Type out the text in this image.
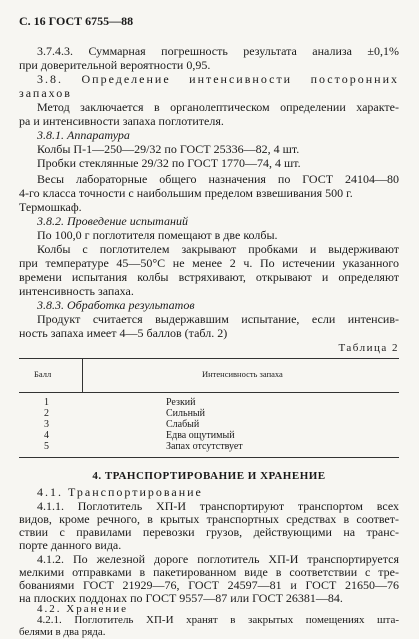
С. 16 ГОСТ 6755—88
3.7.4.3. Суммарная погрешность результата анализа ±0,1%
при доверительной вероятности 0,95.
3.8. Определение интенсивности посторонних
запахов
Метод заключается в органолептическом определении характе-
ра и интенсивности запаха поглотителя.
3.8.1. Аппаратура
Колбы П-1—250—29/32 по ГОСТ 25336—82, 4 шт.
Пробки стеклянные 29/32 по ГОСТ 1770—74, 4 шт.
Весы лабораторные общего назначения по ГОСТ 24104—80
4-го класса точности с наибольшим пределом взвешивания 500 г.
Термошкаф.
3.8.2. Проведение испытаний
По 100,0 г поглотителя помещают в две колбы.
Колбы с поглотителем закрывают пробками и выдерживают
при температуре 45—50°С не менее 2 ч. По истечении указанного
времени испытания колбы встряхивают, открывают и определяют
интенсивность запаха.
3.8.3. Обработка результатов
Продукт считается выдержавшим испытание, если интенсив-
ность запаха имеет 4—5 баллов (табл. 2)
Таблица 2
Балл	Интенсивность запаха
1	Резкий
2	Сильный
3	Слабый
4	Едва ощутимый
5	Запах отсутствует
4. ТРАНСПОРТИРОВАНИЕ И ХРАНЕНИЕ
4.1. Транспортирование
4.1.1. Поглотитель ХП-И транспортируют транспортом всех
видов, кроме речного, в крытых транспортных средствах в соответ-
ствии с правилами перевозки грузов, действующими на транс-
порте данного вида.
4.1.2. По железной дороге поглотитель ХП-И транспортируется
мелкими отправками в пакетированном виде в соответствии с тре-
бованиями ГОСТ 21929—76, ГОСТ 24597—81 и ГОСТ 21650—76
на плоских поддонах по ГОСТ 9557—87 или ГОСТ 26381—84.
4.2. Хранение
4.2.1. Поглотитель ХП-И хранят в закрытых помещениях шта-
белями в два ряда.
